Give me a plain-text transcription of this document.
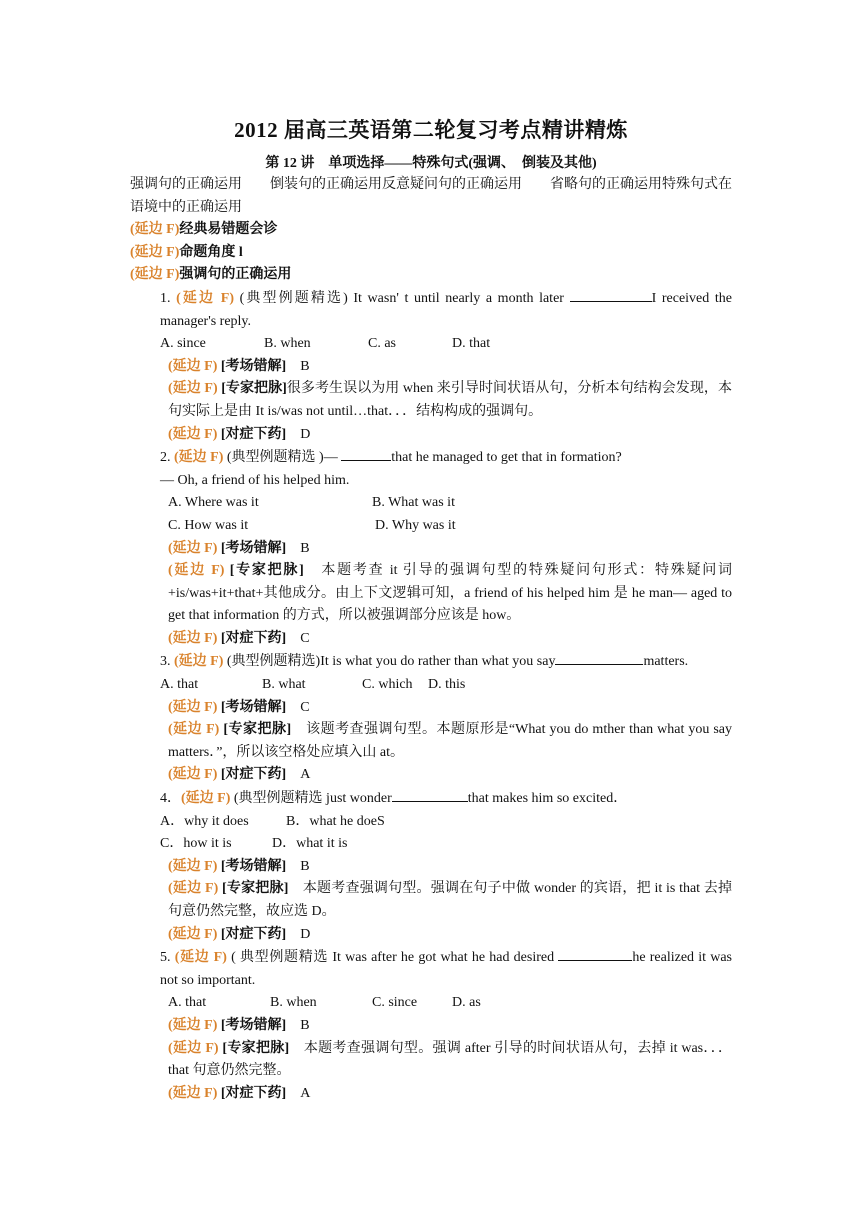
2012 届高三英语第二轮复习考点精讲精炼
第 12 讲　单项选择——特殊句式(强调、　倒装及其他)
强调句的正确运用　　倒装句的正确运用反意疑问句的正确运用　　省略句的正确运用特殊句式在语境中的正确运用
(延边 F)经典易错题会诊
(延边 F)命题角度 l
(延边 F)强调句的正确运用
1. (延边 F) (典型例题精选) It wasn' t until nearly a month later	I received the manager's reply.
A. since	B. when	C. as	D. that
(延边 F) [考场错解]　 B
(延边 F) [专家把脉]很多考生误以为用 when 来引导时间状语从句，分析本句结构会发现，本句实际上是由 It is/was not until…that．．．结构构成的强调句。
(延边 F) [对症下药]　 D
2. (延边 F) (典型例题精选 )—	that he managed to get that in formation?
— Oh, a friend of his helped him.
A. Where was it	B. What was it
C. How was it	D. Why was it
(延边 F) [考场错解]　 B
(延边 F) [专家把脉]　 本题考查 it 引导的强调句型的特殊疑问句形式：特殊疑问词+is/was+it+that+其他成分。由上下文逻辑可知，a friend of his helped him 是 he man— aged to get that information 的方式，所以被强调部分应该是 how。
(延边 F) [对症下药]　 C
3. (延边 F) (典型例题精选)It is what you do rather than what you say	matters.
A. that	B. what	C. which D. this
(延边 F) [考场错解]　 C
(延边 F) [专家把脉]　 该题考查强调句型。本题原形是“What you do mther than what you say matters．”，所以该空格处应填入山 at。
(延边 F) [对症下药]　 A
4．(延边 F) (典型例题精选 just wonder	that makes him so excited．
A．why it does	B．what he doeS
C．how it is	D．what it is
(延边 F) [考场错解]　 B
(延边 F) [专家把脉]　 本题考查强调句型。强调在句子中做 wonder 的宾语，把 it is that 去掉句意仍然完整，故应选 D。
(延边 F) [对症下药]　 D
5. (延边 F) ( 典型例题精选 It was after he got what he had desired	he realized it was not so important.
A. that	B. when	C. since D. as
(延边 F) [考场错解]　 B
(延边 F) [专家把脉]　 本题考查强调句型。强调 after 引导的时间状语从句，去掉 it was．．．that 句意仍然完整。
(延边 F) [对症下药]　 A
